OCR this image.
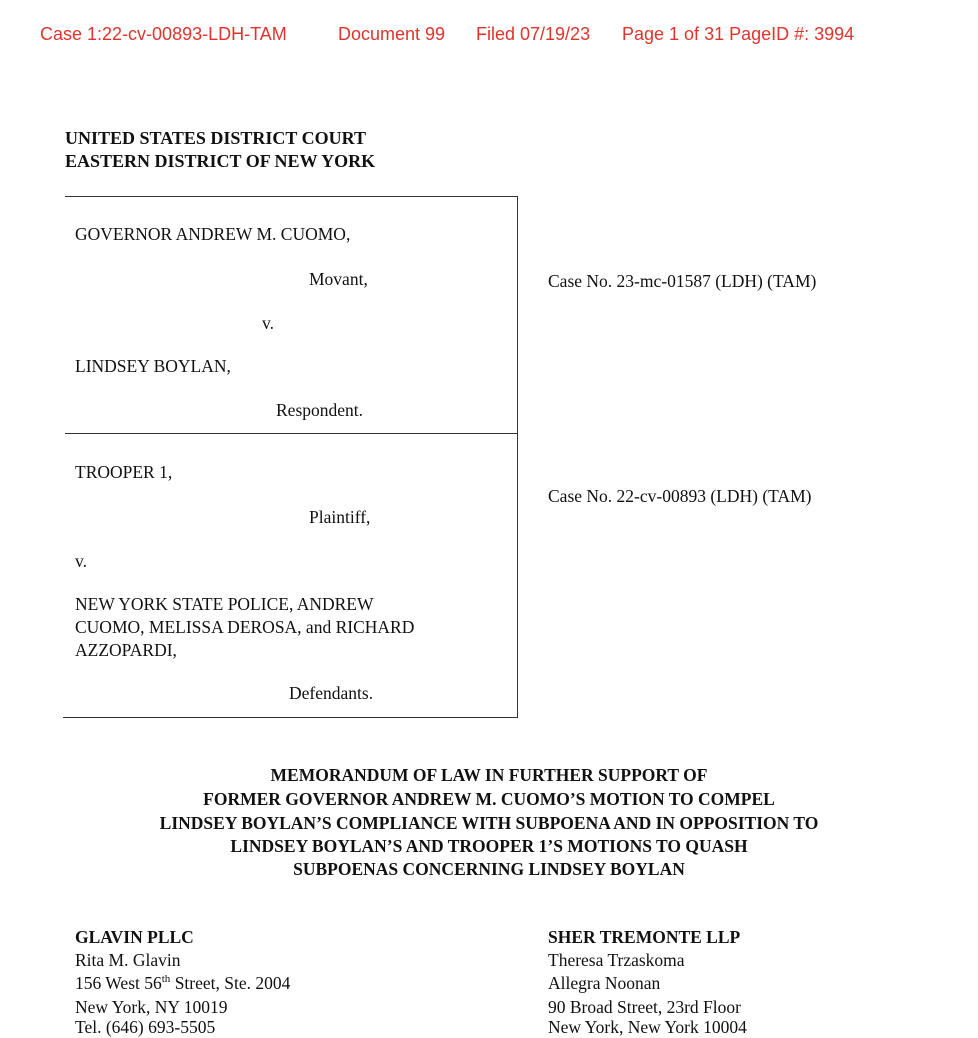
Case 1:22-cv-00893-LDH-TAM	Document 99 Filed 07/19/23 Page 1 of 31 PageID #: 3994
UNITED STATES DISTRICT COURT
EASTERN DISTRICT OF NEW YORK
GOVERNOR ANDREW M. CUOMO,
Movant,
v.
LINDSEY BOYLAN,
Respondent.
Case No. 23-mc-01587 (LDH) (TAM)
TROOPER 1,
Plaintiff,
v.
NEW YORK STATE POLICE, ANDREW
CUOMO, MELISSA DEROSA, and RICHARD
AZZOPARDI,
Defendants.
Case No. 22-cv-00893 (LDH) (TAM)
MEMORANDUM OF LAW IN FURTHER SUPPORT OF
FORMER GOVERNOR ANDREW M. CUOMO’S MOTION TO COMPEL
LINDSEY BOYLAN’S COMPLIANCE WITH SUBPOENA AND IN OPPOSITION TO
LINDSEY BOYLAN’S AND TROOPER 1’S MOTIONS TO QUASH
SUBPOENAS CONCERNING LINDSEY BOYLAN
GLAVIN PLLC
Rita M. Glavin
156 West 56th Street, Ste. 2004
New York, NY 10019
Tel. (646) 693-5505
SHER TREMONTE LLP
Theresa Trzaskoma
Allegra Noonan
90 Broad Street, 23rd Floor
New York, New York 10004
